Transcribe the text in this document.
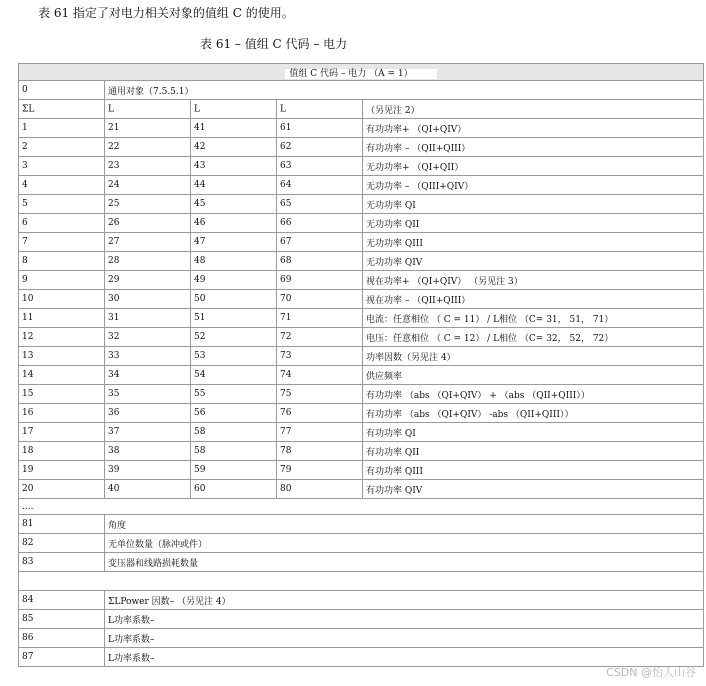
表 61 指定了对电力相关对象的值组 C 的使用。
表 61 – 值组 C 代码 – 电力
值组 C 代码 – 电力 （A = 1）				
0	通用对象（7.5.5.1）			
ΣL	L	L	L	（另见注 2）
1	21	41	61	有功功率+ （QI+QIV）
2	22	42	62	有功功率 – （QII+QIII）
3	23	43	63	无功功率+ （QI+QII）
4	24	44	64	无功功率 – （QIII+QIV）
5	25	45	65	无功功率 QI
6	26	46	66	无功功率 QII
7	27	47	67	无功功率 QIII
8	28	48	68	无功功率 QIV
9	29	49	69	视在功率+ （QI+QIV） （另见注 3）
10	30	50	70	视在功率 – （QII+QIII）
11	31	51	71	电流：任意相位 （ C = 11） / L相位 （C= 31， 51， 71）
12	32	52	72	电压：任意相位 （ C = 12） / L相位 （C= 32， 52， 72）
13	33	53	73	功率因数（另见注 4）
14	34	54	74	供应频率
15	35	55	75	有功功率 （abs （QI+QIV） + （abs （QII+QIII））
16	36	56	76	有功功率 （abs （QI+QIV） -abs （QII+QIII））
17	37	58	77	有功功率 QI
18	38	58	78	有功功率 QII
19	39	59	79	有功功率 QIII
20	40	60	80	有功功率 QIV
....				
81	角度			
82	无单位数量（脉冲或件）			
83	变压器和线路损耗数量			

84	ΣLPower 因数– （另见注 4）			
85	L功率系数–			
86	L功率系数–			
87	L功率系数–			
CSDN @怡人山谷
